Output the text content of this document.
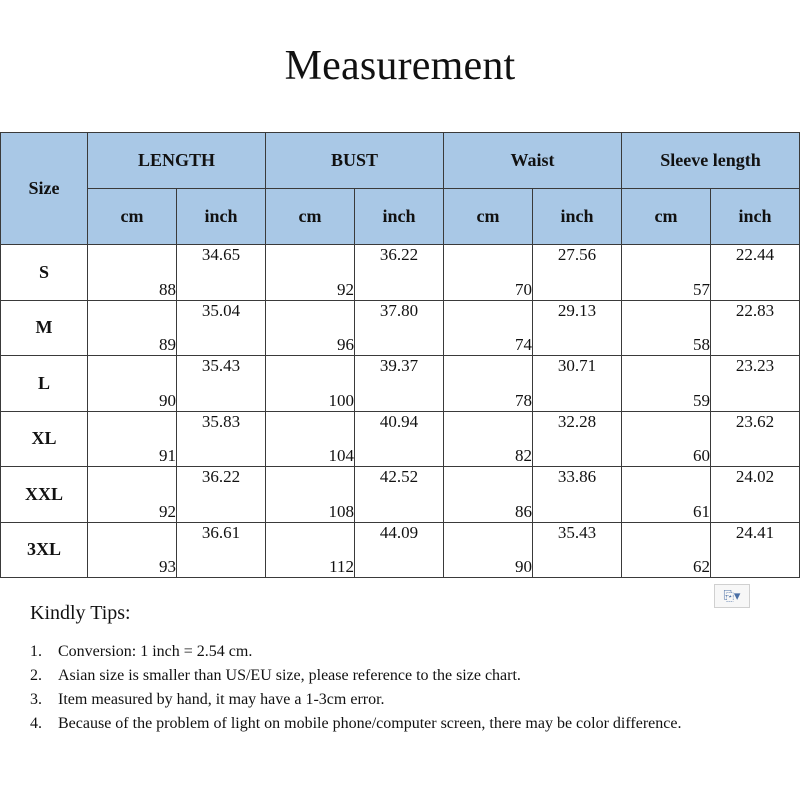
Measurement
Size	LENGTH		BUST		Waist		Sleeve length	
	cm	inch	cm	inch	cm	inch	cm	inch
S	88	34.65	92	36.22	70	27.56	57	22.44
M	89	35.04	96	37.80	74	29.13	58	22.83
L	90	35.43	100	39.37	78	30.71	59	23.23
XL	91	35.83	104	40.94	82	32.28	60	23.62
XXL	92	36.22	108	42.52	86	33.86	61	24.02
3XL	93	36.61	112	44.09	90	35.43	62	24.41
⎘▾
Kindly Tips:
1.	Conversion: 1 inch = 2.54 cm.
2.	Asian size is smaller than US/EU size, please reference to the size chart.
3.	Item measured by hand, it may have a 1-3cm error.
4.	Because of the problem of light on mobile phone/computer screen, there may be color difference.
